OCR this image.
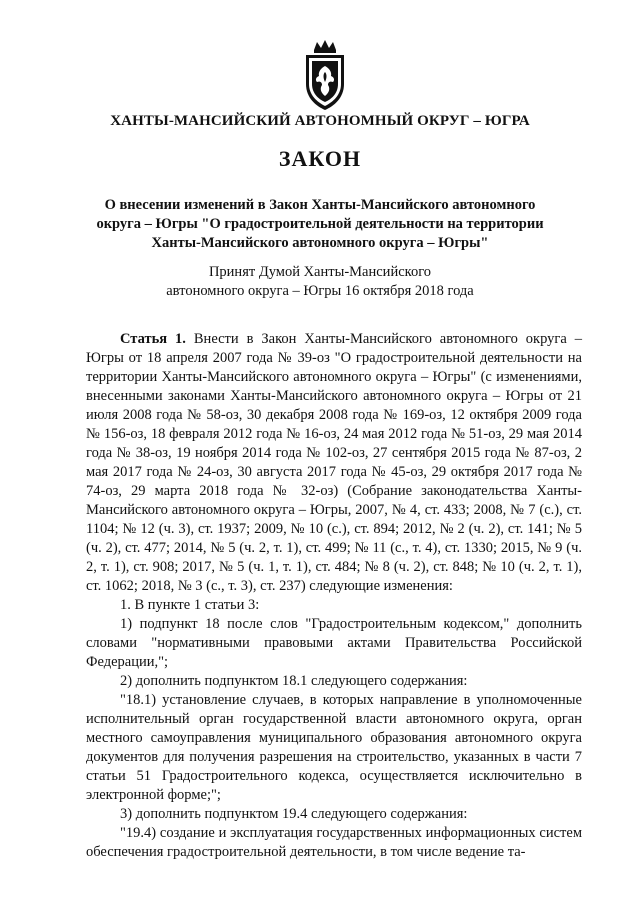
ХАНТЫ-МАНСИЙСКИЙ АВТОНОМНЫЙ ОКРУГ – ЮГРА
ЗАКОН
О внесении изменений в Закон Ханты-Мансийского автономного
округа – Югры "О градостроительной деятельности на территории
Ханты-Мансийского автономного округа – Югры"
Принят Думой Ханты-Мансийского
автономного округа – Югры 16 октября 2018 года

Статья 1. Внести в Закон Ханты-Мансийского автономного округа – Югры от 18 апреля 2007 года № 39-оз "О градостроительной деятельности на территории Ханты-Мансийского автономного округа – Югры" (с изменениями, внесенными законами Ханты-Мансийского автономного округа – Югры от 21 июля 2008 года № 58-оз, 30 декабря 2008 года № 169-оз, 12 октября 2009 года № 156-оз, 18 февраля 2012 года № 16-оз, 24 мая 2012 года № 51-оз, 29 мая 2014 года № 38-оз, 19 ноября 2014 года № 102-оз, 27 сентября 2015 года № 87-оз, 2 мая 2017 года № 24-оз, 30 августа 2017 года № 45-оз, 29 октября 2017 года № 74-оз, 29 марта 2018 года № 32-оз) (Собрание законодательства Ханты-Мансийского автономного округа – Югры, 2007, № 4, ст. 433; 2008, № 7 (с.), ст. 1104; № 12 (ч. 3), ст. 1937; 2009, № 10 (с.), ст. 894; 2012, № 2 (ч. 2), ст. 141; № 5 (ч. 2), ст. 477; 2014, № 5 (ч. 2, т. 1), ст. 499; № 11 (с., т. 4), ст. 1330; 2015, № 9 (ч. 2, т. 1), ст. 908; 2017, № 5 (ч. 1, т. 1), ст. 484; № 8 (ч. 2), ст. 848; № 10 (ч. 2, т. 1), ст. 1062; 2018, № 3 (с., т. 3), ст. 237) следующие изменения:

1. В пункте 1 статьи 3:

1) подпункт 18 после слов "Градостроительным кодексом," дополнить словами "нормативными правовыми актами Правительства Российской Федерации,";

2) дополнить подпунктом 18.1 следующего содержания:

"18.1) установление случаев, в которых направление в уполномоченные исполнительный орган государственной власти автономного округа, орган местного самоуправления муниципального образования автономного округа документов для получения разрешения на строительство, указанных в части 7 статьи 51 Градостроительного кодекса, осуществляется исключительно в электронной форме;";

3) дополнить подпунктом 19.4 следующего содержания:

"19.4) создание и эксплуатация государственных информационных систем обеспечения градостроительной деятельности, в том числе ведение та-
